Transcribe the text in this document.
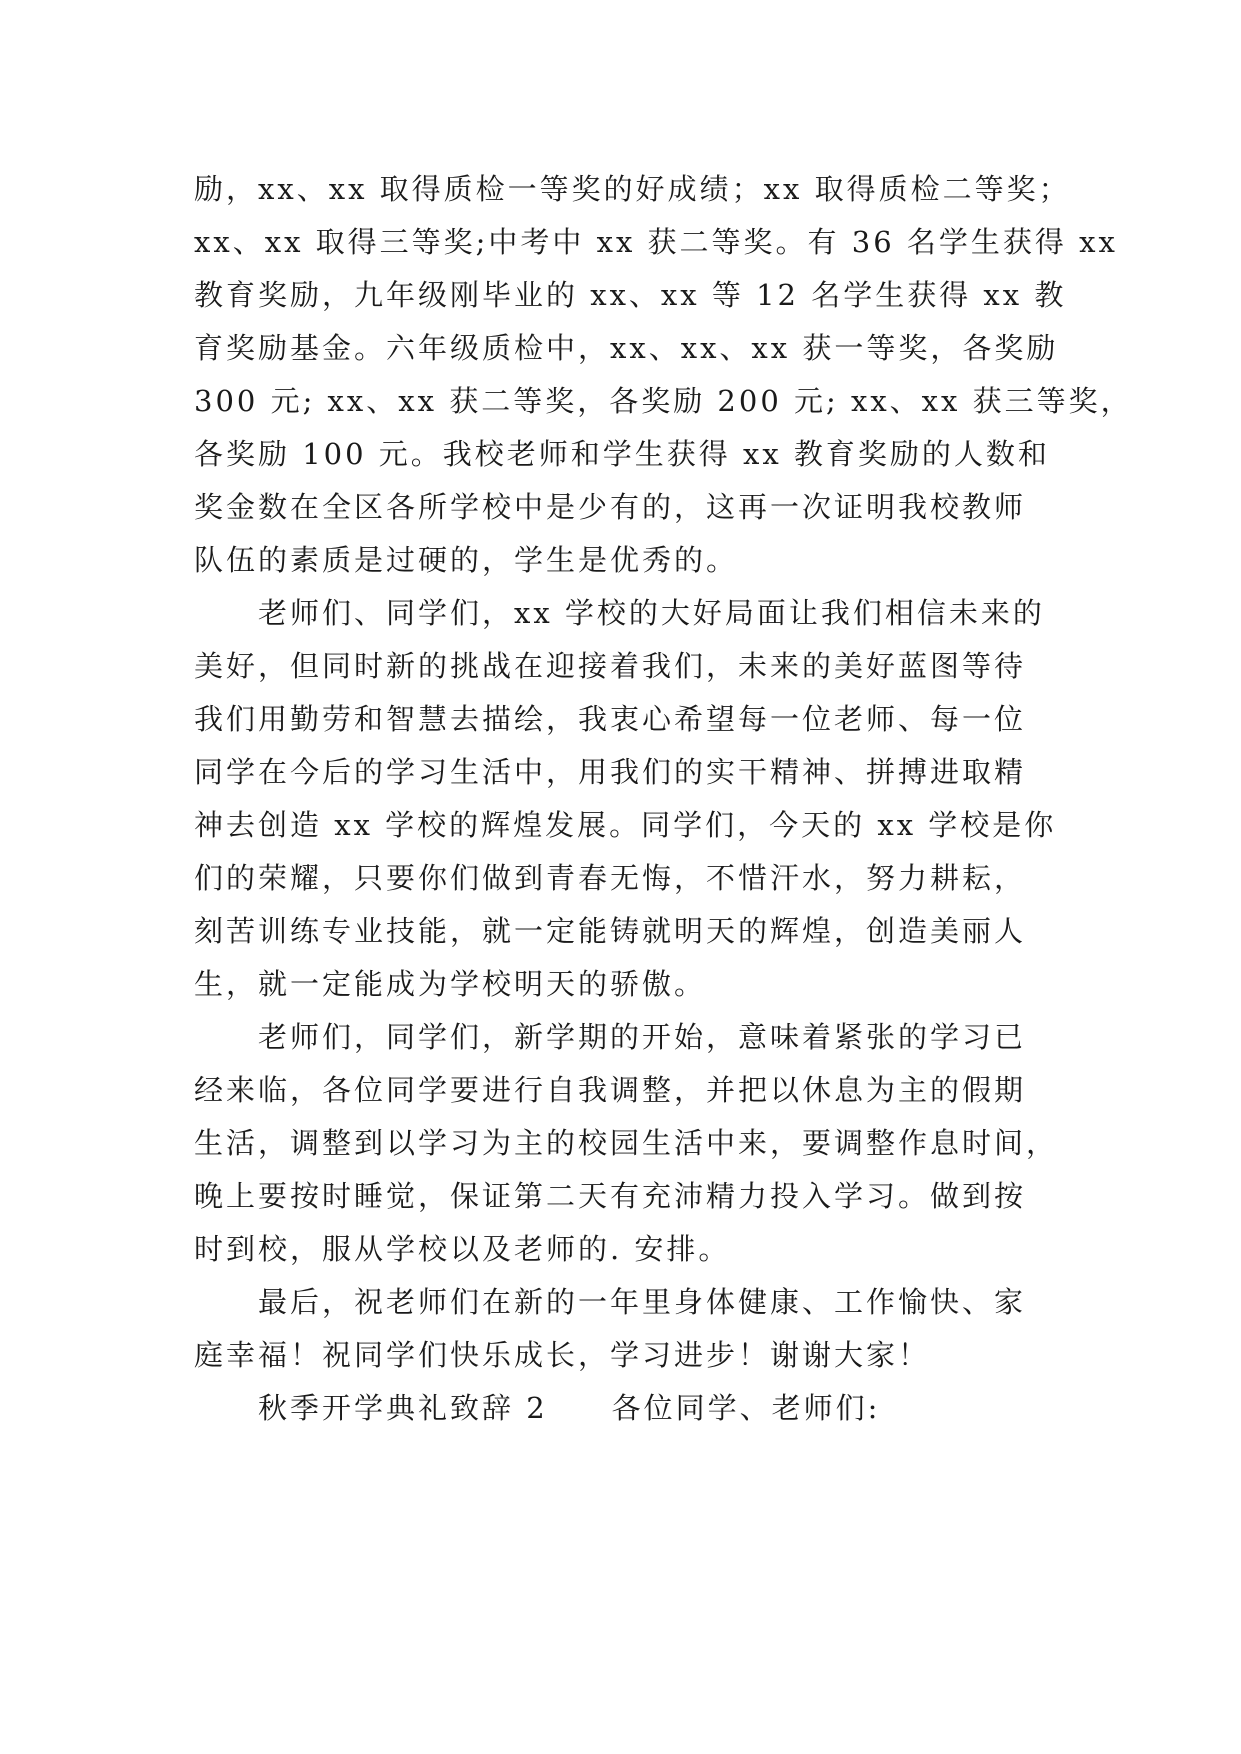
励，xx、xx 取得质检一等奖的好成绩；xx 取得质检二等奖；
xx、xx 取得三等奖;中考中 xx 获二等奖。有 36 名学生获得 xx
教育奖励，九年级刚毕业的 xx、xx 等 12 名学生获得 xx 教
育奖励基金。六年级质检中，xx、xx、xx 获一等奖，各奖励
300 元; xx、xx 获二等奖，各奖励 200 元; xx、xx 获三等奖，
各奖励 100 元。我校老师和学生获得 xx 教育奖励的人数和
奖金数在全区各所学校中是少有的，这再一次证明我校教师
队伍的素质是过硬的，学生是优秀的。
老师们、同学们，xx 学校的大好局面让我们相信未来的
美好，但同时新的挑战在迎接着我们，未来的美好蓝图等待
我们用勤劳和智慧去描绘，我衷心希望每一位老师、每一位
同学在今后的学习生活中，用我们的实干精神、拼搏进取精
神去创造 xx 学校的辉煌发展。同学们，今天的 xx 学校是你
们的荣耀，只要你们做到青春无悔，不惜汗水，努力耕耘，
刻苦训练专业技能，就一定能铸就明天的辉煌，创造美丽人
生，就一定能成为学校明天的骄傲。
老师们，同学们，新学期的开始，意味着紧张的学习已
经来临，各位同学要进行自我调整，并把以休息为主的假期
生活，调整到以学习为主的校园生活中来，要调整作息时间，
晚上要按时睡觉，保证第二天有充沛精力投入学习。做到按
时到校，服从学校以及老师的. 安排。
最后，祝老师们在新的一年里身体健康、工作愉快、家
庭幸福！祝同学们快乐成长，学习进步！谢谢大家！
秋季开学典礼致辞 2　　各位同学、老师们:
